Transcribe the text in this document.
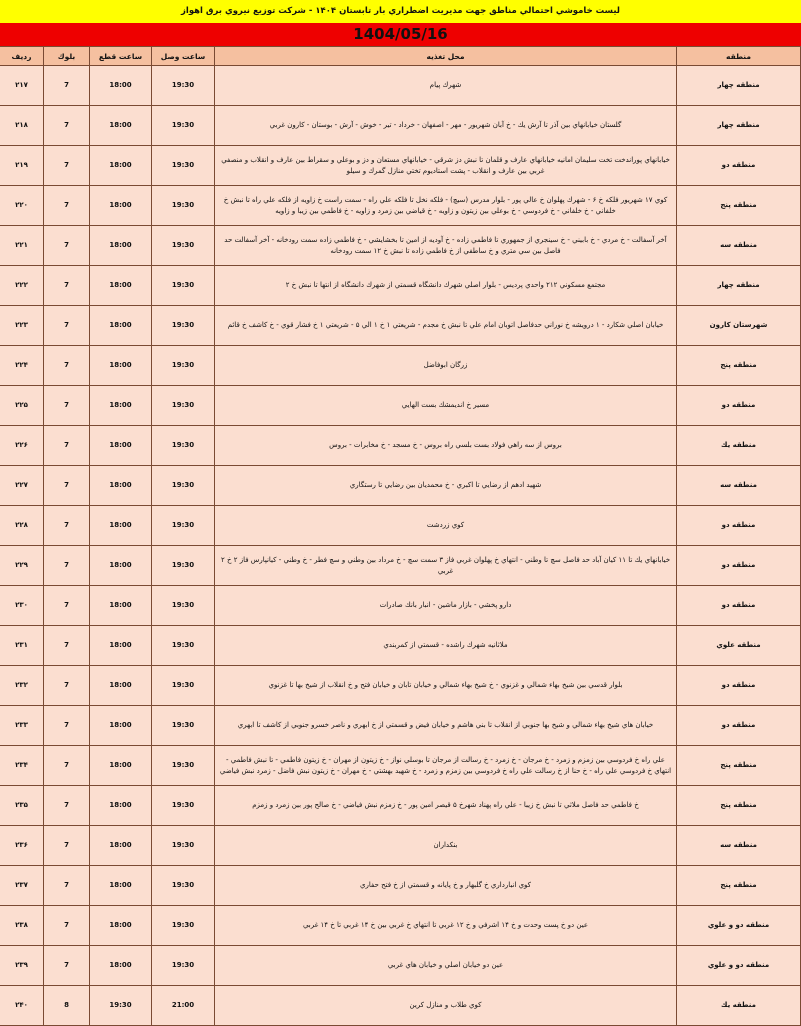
ليست خاموشي احتمالي مناطق جهت مديريت اضطراري بار تابستان ۱۴۰۴ - شركت توزيع نيروي برق اهواز
1404/05/16
منطقه	محل تغذيه	ساعت وصل	ساعت قطع	بلوك	رديف
منطقه چهار	شهرك پيام	19:30	18:00	7	۲۱۷
منطقه چهار	گلستان خيابانهاي بين آذر تا آرش يك - خ آبان شهريور - مهر - اصفهان - خرداد - تير - خوش - آرش - بوستان - كارون غربي	19:30	18:00	7	۲۱۸
منطقه دو	خيابانهاي پوراندخت تخت سليمان امانيه خيابانهاي عارف و قلمان تا نبش دز شرقي - خيابانهاي مستعان و دز و بوعلي و سقراط بين عارف و انقلاب و منصفي غربي بين عارف و انقلاب - پشت استاديوم تختي منازل گمرك و سيلو	19:30	18:00	7	۲۱۹
منطقه پنج	كوي ۱۷ شهريور فلكه خ ۶ - شهرك پهلوان خ عالي پور - بلوار مدرس (سيچ) - فلكه نخل تا فلكه علي راه - سمت راست خ زاويه از فلكه علي راه تا نبش خ خلفاني - خ خلفاني - خ فردوسي - خ بوعلي بين زيتون و زاويه - خ قياضي بين زمرد و زاويه - خ فاطمي بين زيبا و زاويه	19:30	18:00	7	۲۲۰
منطقه سه	آخر آسفالت - خ مردي - خ بابيني - خ سينجري از جمهوري تا فاطمي زاده - خ آوديه از امين تا بخشايشي - خ فاطمي زاده سمت رودخانه - آخر آسفالت حد فاصل بين سي متري و خ ساطفي از خ فاطمي زاده تا نبش خ ۱۲ سمت رودخانه	19:30	18:00	7	۲۲۱
منطقه چهار	مجتمع مسكوني ۲۱۲ واحدي پرديس - بلوار اصلي شهرك دانشگاه قسمتي از شهرك دانشگاه از انتها تا نبش خ ۲	19:30	18:00	7	۲۲۲
شهرستان كارون	خيابان اصلي شكارد - ۱ درويشه خ نوراني حدفاصل اتوبان امام علي تا نبش خ مجدم - شريعتي ۱ خ ۱ الي ۵ - شريعتي ۱ خ فشار قوي - خ كاشف خ قائم	19:30	18:00	7	۲۲۳
منطقه پنج	زرگان ابوفاضل	19:30	18:00	7	۲۲۴
منطقه دو	مسير خ انديمشك بست الهايي	19:30	18:00	7	۲۲۵
منطقه يك	بروس از سه راهي فولاد بست بلسي راه بروس - خ مسجد - خ مخابرات - بروس	19:30	18:00	7	۲۲۶
منطقه سه	شهيد ادهم از رضايي تا اكبري - خ محمديان بين رضايي تا رستگاري	19:30	18:00	7	۲۲۷
منطقه دو	كوي زردشت	19:30	18:00	7	۲۲۸
منطقه دو	خيابانهاي يك تا ۱۱ كيان آباد حد فاصل سچ تا وطني - انتهاي خ پهلوان غربي فاز ۳ سمت سچ - خ مرداد بين وطني و سچ فطر - خ وطني - كيانپارس فاز ۲ خ ۲ غربي	19:30	18:00	7	۲۲۹
منطقه دو	دارو پخشي - بازار ماشين - انبار بانك صادرات	19:30	18:00	7	۲۳۰
منطقه علوي	ملاثانيه شهرك راشده - قسمتي از كمربندي	19:30	18:00	7	۲۳۱
منطقه دو	بلوار قدسي بين شيخ بهاء شمالي و غزنوي - خ شيخ بهاء شمالي و خيابان تابان و خيابان فتح و خ انقلاب از شيخ بها تا غزنوي	19:30	18:00	7	۲۳۲
منطقه دو	خيابان هاي شيخ بهاء شمالي و شيخ بها جنوبي از انقلاب تا بني هاشم و خيابان فيض و قسمتي از خ ابهري و ناصر خسرو جنوبي از كاشف تا ابهري	19:30	18:00	7	۲۳۳
منطقه پنج	علي راه خ فردوسي بين زمزم و زمرد - خ مرجان - خ زمرد - خ رسالت از مرجان تا بوسلي نواز - خ زيتون از مهران - خ زيتون فاطمي - تا نبش فاطمي - انتهاي خ فردوسي علي راه - خ حنا از خ رسالت علي راه خ فردوسي بين زمزم و زمرد - خ شهيد بهشتي - خ مهران - خ زيتون نبش فاضل - زمرد نبش فياضي	19:30	18:00	7	۲۳۴
منطقه پنج	خ فاطمي حد فاصل ملاثي تا نبش خ زيبا - علي راه پهناد شهرخ ۵ قيصر امين پور - خ زمزم نبش فياضي - خ صالح پور بين زمرد و زمزم	19:30	18:00	7	۲۳۵
منطقه سه	بنكداران	19:30	18:00	7	۲۳۶
منطقه پنج	كوي انبارداري خ گلبهار و خ پايانه و قسمتي از خ فتح حفاري	19:30	18:00	7	۲۳۷
منطقه دو و علوي	عين دو خ پست وحدت و خ ۱۴ اشرفي و خ ۱۲ غربي تا انتهاي خ غربي بين خ ۱۴ غربي تا خ ۱۴ غربي	19:30	18:00	7	۲۳۸
منطقه دو و علوي	عين دو خيابان اصلي و خيابان هاي غربي	19:30	18:00	7	۲۳۹
منطقه يك	كوي طلاب و منازل كرين	21:00	19:30	8	۲۴۰
